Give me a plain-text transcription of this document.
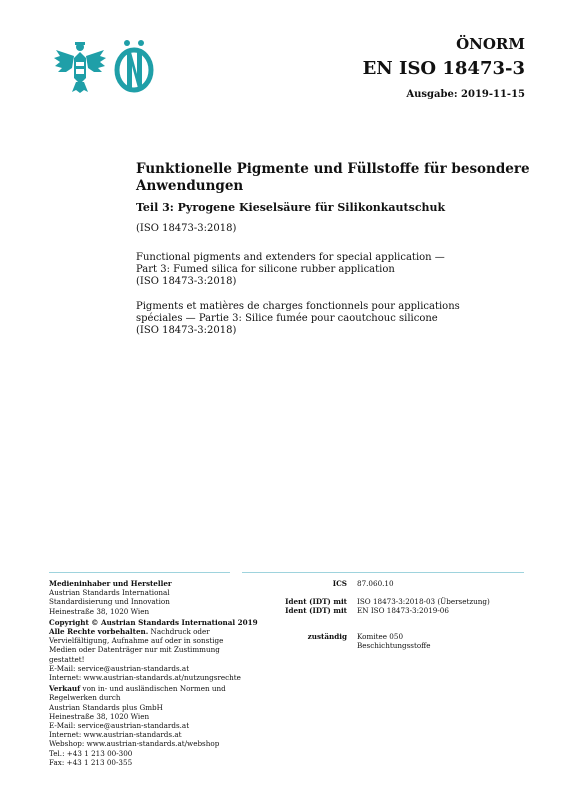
ÖNORM
EN ISO 18473-3
Ausgabe: 2019-11-15
Funktionelle Pigmente und Füllstoffe für besondere
Anwendungen
Teil 3: Pyrogene Kieselsäure für Silikonkautschuk
(ISO 18473-3:2018)
Functional pigments and extenders for special application —
Part 3: Fumed silica for silicone rubber application
(ISO 18473-3:2018)
Pigments et matières de charges fonctionnels pour applications
spéciales — Partie 3: Silice fumée pour caoutchouc silicone
(ISO 18473-3:2018)
Medieninhaber und Hersteller
Austrian Standards International
Standardisierung und Innovation
Heinestraße 38, 1020 Wien
Copyright © Austrian Standards International 2019
Alle Rechte vorbehalten. Nachdruck oder
Vervielfältigung, Aufnahme auf oder in sonstige
Medien oder Datenträger nur mit Zustimmung
gestattet!
E-Mail: service@austrian-standards.at
Internet: www.austrian-standards.at/nutzungsrechte
Verkauf von in- und ausländischen Normen und
Regelwerken durch
Austrian Standards plus GmbH
Heinestraße 38, 1020 Wien
E-Mail: service@austrian-standards.at
Internet: www.austrian-standards.at
Webshop: www.austrian-standards.at/webshop
Tel.: +43 1 213 00-300
Fax: +43 1 213 00-355
ICS	87.060.10
Ident (IDT) mit	ISO 18473-3:2018-03 (Übersetzung)
Ident (IDT) mit	EN ISO 18473-3:2019-06
zuständig	Komitee 050
Beschichtungsstoffe
